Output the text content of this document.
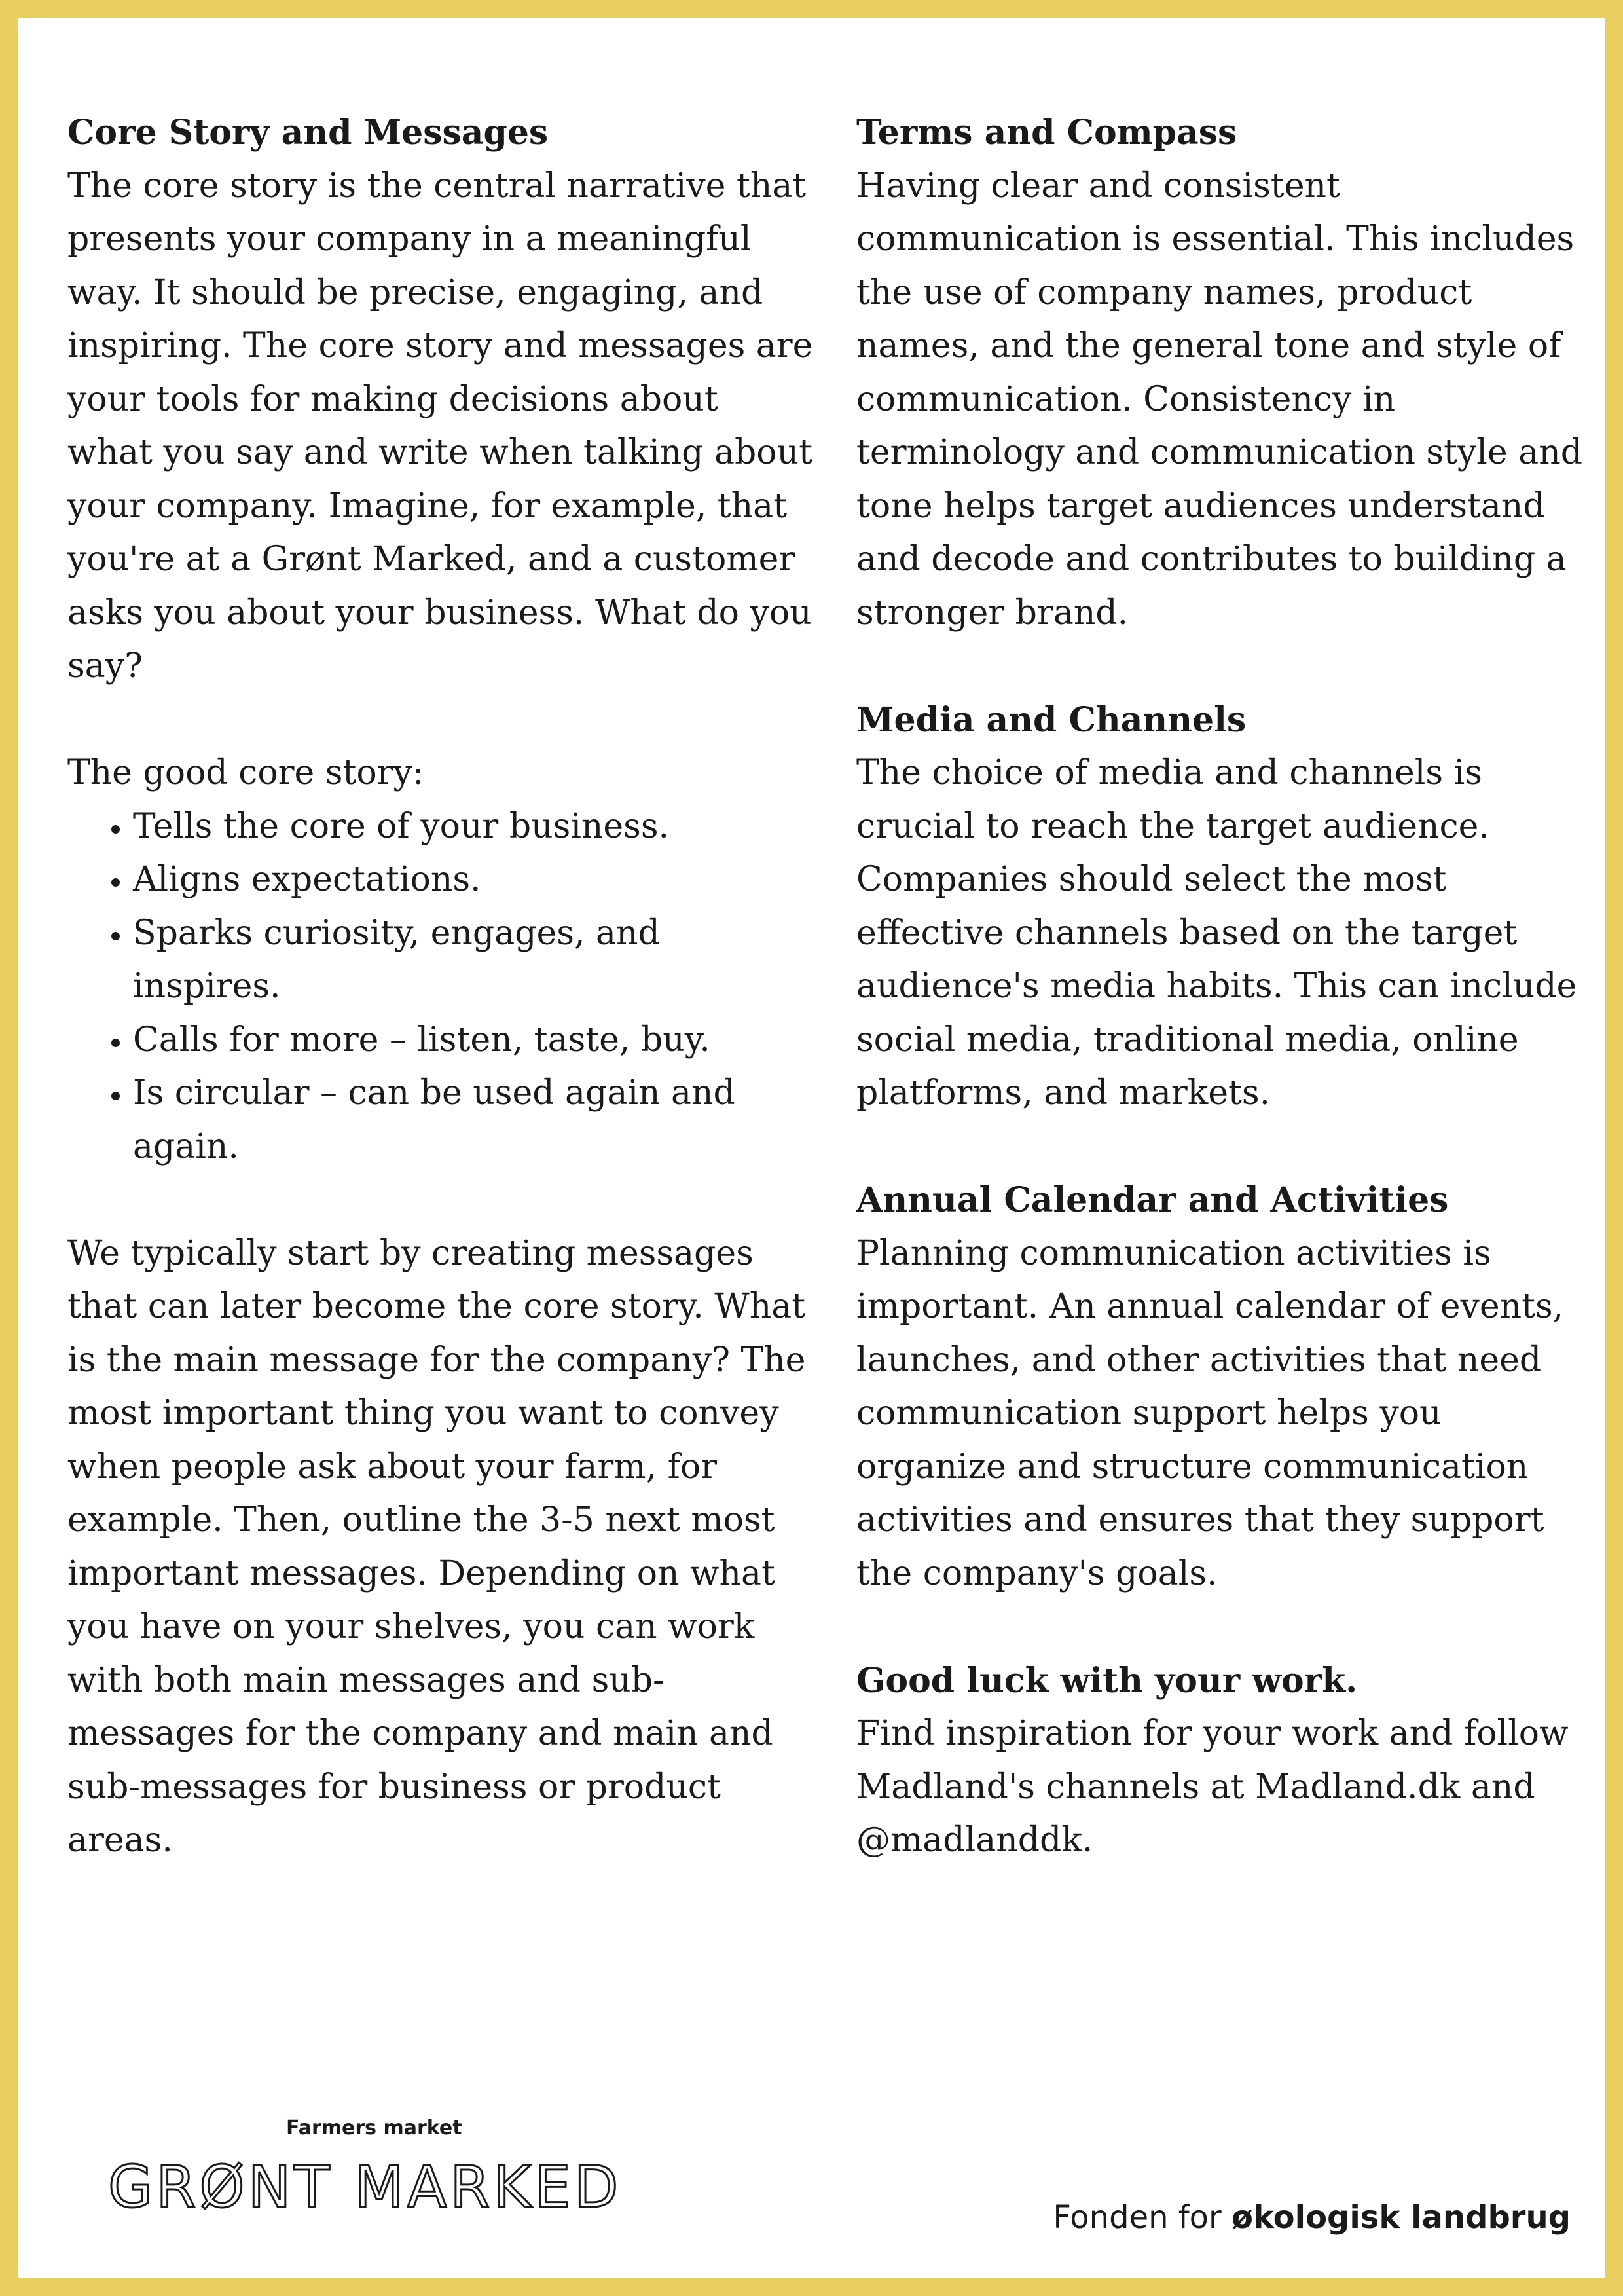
Core Story and Messages

The core story is the central narrative that presents your company in a meaningful way. It should be precise, engaging, and inspiring. The core story and messages are your tools for making decisions about what you say and write when talking about your company. Imagine, for example, that you're at a Grønt Marked, and a customer asks you about your business. What do you say?

The good core story:

• Tells the core of your business.
• Aligns expectations.
• Sparks curiosity, engages, and inspires.
• Calls for more – listen, taste, buy.
• Is circular – can be used again and again.

We typically start by creating messages that can later become the core story. What is the main message for the company? The most important thing you want to convey when people ask about your farm, for example. Then, outline the 3-5 next most important messages. Depending on what you have on your shelves, you can work with both main messages and sub-messages for the company and main and sub-messages for business or product areas.

Terms and Compass

Having clear and consistent communication is essential. This includes the use of company names, product names, and the general tone and style of communication. Consistency in terminology and communication style and tone helps target audiences understand and decode and contributes to building a stronger brand.

Media and Channels

The choice of media and channels is crucial to reach the target audience. Companies should select the most effective channels based on the target audience's media habits. This can include social media, traditional media, online platforms, and markets.

Annual Calendar and Activities

Planning communication activities is important. An annual calendar of events, launches, and other activities that need communication support helps you organize and structure communication activities and ensures that they support the company's goals.

Good luck with your work.

Find inspiration for your work and follow Madland's channels at Madland.dk and @madlanddk.

Farmers market
GRØNT MARKED	Fonden for økologisk landbrug
